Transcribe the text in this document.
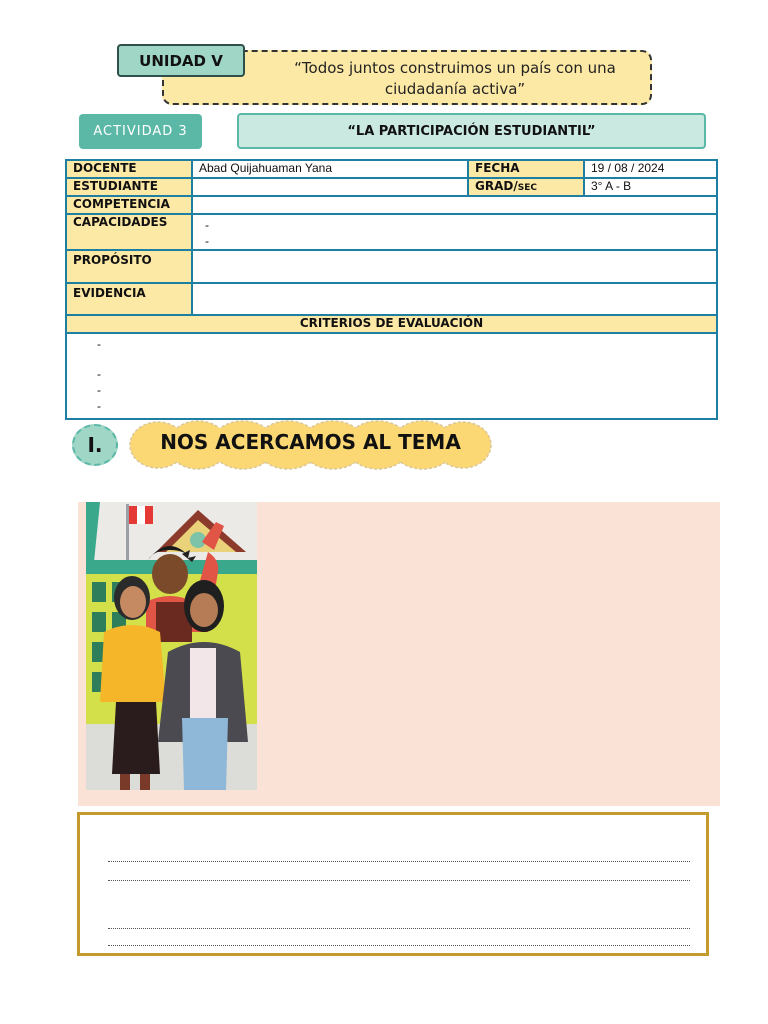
“Todos juntos construimos un país con una ciudadanía activa”
UNIDAD V
ACTIVIDAD 3	“LA PARTICIPACIÓN ESTUDIANTIL”
DOCENTE	Abad Quijahuaman Yana	FECHA	19 / 08 / 2024
ESTUDIANTE		GRAD/SEC	3° A - B
COMPETENCIA			
CAPACIDADES	-
-		

PROPÓSITO			
EVIDENCIA			
CRITERIOS DE EVALUACIÓN			

-
-
-
-			
I.	NOS ACERCAMOS AL TEMA
